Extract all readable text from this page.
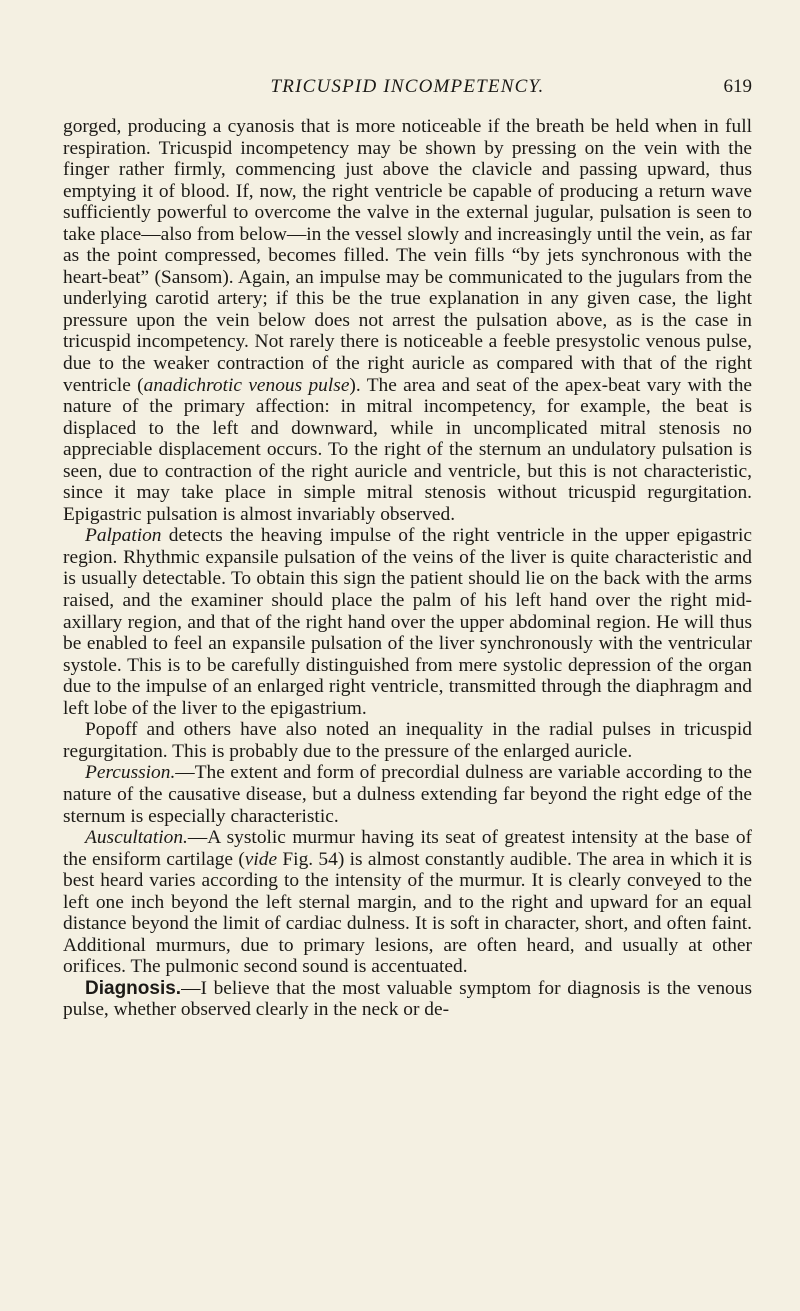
TRICUSPID INCOMPETENCY.	619

gorged, producing a cyanosis that is more noticeable if the breath be held when in full respiration. Tricuspid incompetency may be shown by pressing on the vein with the finger rather firmly, commencing just above the clavicle and passing upward, thus emptying it of blood. If, now, the right ventricle be capable of producing a return wave sufficiently powerful to overcome the valve in the external jugular, pulsation is seen to take place—also from below—in the vessel slowly and increasingly until the vein, as far as the point compressed, becomes filled. The vein fills “by jets synchronous with the heart-beat” (Sansom). Again, an impulse may be communicated to the jugulars from the underlying carotid artery; if this be the true explanation in any given case, the light pressure upon the vein below does not arrest the pulsation above, as is the case in tricuspid incompetency. Not rarely there is noticeable a feeble presystolic venous pulse, due to the weaker contraction of the right auricle as compared with that of the right ventricle (anadichrotic venous pulse). The area and seat of the apex-beat vary with the nature of the primary affection: in mitral incompetency, for example, the beat is displaced to the left and downward, while in uncomplicated mitral stenosis no appreciable displacement occurs. To the right of the sternum an undulatory pulsation is seen, due to contraction of the right auricle and ventricle, but this is not characteristic, since it may take place in simple mitral stenosis without tricuspid regurgitation. Epigastric pulsation is almost invariably observed.

Palpation detects the heaving impulse of the right ventricle in the upper epigastric region. Rhythmic expansile pulsation of the veins of the liver is quite characteristic and is usually detectable. To obtain this sign the patient should lie on the back with the arms raised, and the examiner should place the palm of his left hand over the right mid-axillary region, and that of the right hand over the upper abdominal region. He will thus be enabled to feel an expansile pulsation of the liver synchronously with the ventricular systole. This is to be carefully distinguished from mere systolic depression of the organ due to the impulse of an enlarged right ventricle, transmitted through the diaphragm and left lobe of the liver to the epigastrium.

Popoff and others have also noted an inequality in the radial pulses in tricuspid regurgitation. This is probably due to the pressure of the enlarged auricle.

Percussion.—The extent and form of precordial dulness are variable according to the nature of the causative disease, but a dulness extending far beyond the right edge of the sternum is especially characteristic.

Auscultation.—A systolic murmur having its seat of greatest intensity at the base of the ensiform cartilage (vide Fig. 54) is almost constantly audible. The area in which it is best heard varies according to the intensity of the murmur. It is clearly conveyed to the left one inch beyond the left sternal margin, and to the right and upward for an equal distance beyond the limit of cardiac dulness. It is soft in character, short, and often faint. Additional murmurs, due to primary lesions, are often heard, and usually at other orifices. The pulmonic second sound is accentuated.

Diagnosis.—I believe that the most valuable symptom for diagnosis is the venous pulse, whether observed clearly in the neck or de-
